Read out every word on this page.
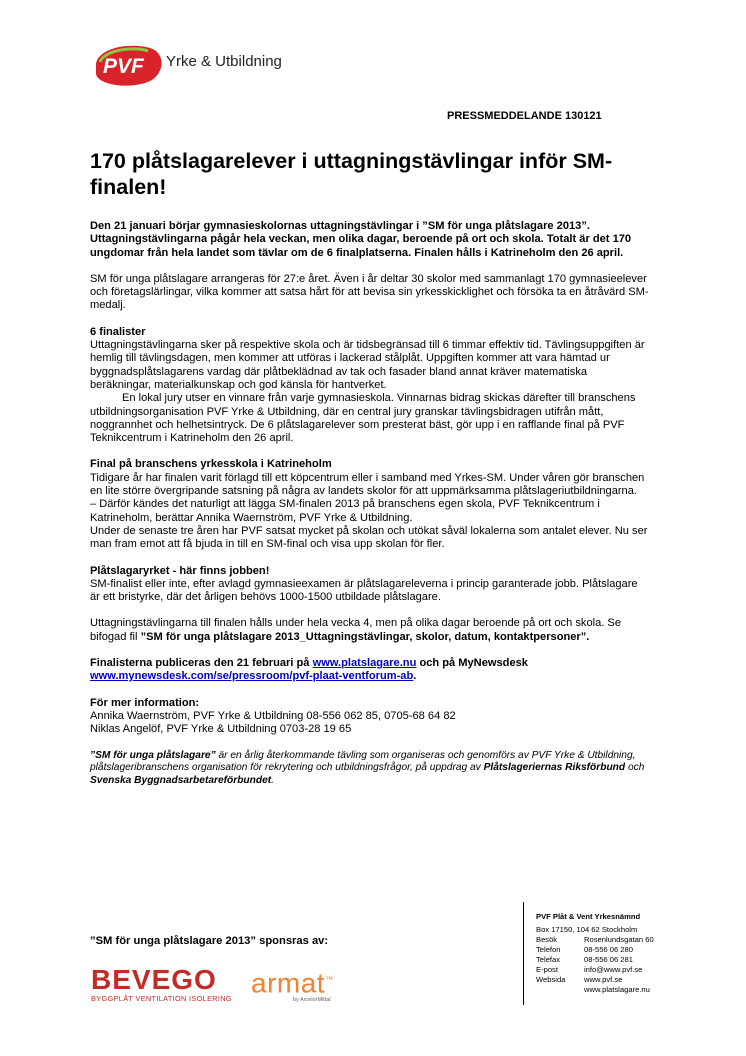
PVF Yrke & Utbildning
PRESSMEDDELANDE 130121
170 plåtslagarelever i uttagningstävlingar inför SM-finalen!

Den 21 januari börjar gymnasieskolornas uttagningstävlingar i ”SM för unga plåtslagare 2013”. Uttagningstävlingarna pågår hela veckan, men olika dagar, beroende på ort och skola. Totalt är det 170 ungdomar från hela landet som tävlar om de 6 finalplatserna. Finalen hålls i Katrineholm den 26 april.

SM för unga plåtslagare arrangeras för 27:e året. Även i år deltar 30 skolor med sammanlagt 170 gymnasieelever och företagslärlingar, vilka kommer att satsa hårt för att bevisa sin yrkesskicklighet och försöka ta en åtråvärd SM-medalj.

6 finalister
Uttagningstävlingarna sker på respektive skola och är tidsbegränsad till 6 timmar effektiv tid. Tävlingsuppgiften är hemlig till tävlingsdagen, men kommer att utföras i lackerad stålplåt. Uppgiften kommer att vara hämtad ur byggnadsplåtslagarens vardag där plåtbeklädnad av tak och fasader bland annat kräver matematiska beräkningar, materialkunskap och god känsla för hantverket.
En lokal jury utser en vinnare från varje gymnasieskola. Vinnarnas bidrag skickas därefter till branschens utbildningsorganisation PVF Yrke & Utbildning, där en central jury granskar tävlingsbidragen utifrån mått, noggrannhet och helhetsintryck. De 6 plåtslagarelever som presterat bäst, gör upp i en rafflande final på PVF Teknikcentrum i Katrineholm den 26 april.

Final på branschens yrkesskola i Katrineholm
Tidigare år har finalen varit förlagd till ett köpcentrum eller i samband med Yrkes-SM. Under våren gör branschen en lite större övergripande satsning på några av landets skolor för att uppmärksamma plåtslageriutbildningarna.
– Därför kändes det naturligt att lägga SM-finalen 2013 på branschens egen skola, PVF Teknikcentrum i Katrineholm, berättar Annika Waernström, PVF Yrke & Utbildning.
Under de senaste tre åren har PVF satsat mycket på skolan och utökat såväl lokalerna som antalet elever. Nu ser man fram emot att få bjuda in till en SM-final och visa upp skolan för fler.

Plåtslagaryrket - här finns jobben!
SM-finalist eller inte, efter avlagd gymnasieexamen är plåtslagareleverna i princip garanterade jobb. Plåtslagare är ett bristyrke, där det årligen behövs 1000-1500 utbildade plåtslagare.

Uttagningstävlingarna till finalen hålls under hela vecka 4, men på olika dagar beroende på ort och skola. Se bifogad fil ”SM för unga plåtslagare 2013_Uttagningstävlingar, skolor, datum, kontaktpersoner”.

Finalisterna publiceras den 21 februari på www.platslagare.nu och på MyNewsdesk
www.mynewsdesk.com/se/pressroom/pvf-plaat-ventforum-ab.

För mer information:
Annika Waernström, PVF Yrke & Utbildning 08-556 062 85, 0705-68 64 82
Niklas Angelöf, PVF Yrke & Utbildning 0703-28 19 65

”SM för unga plåtslagare” är en årlig återkommande tävling som organiseras och genomförs av PVF Yrke & Utbildning, plåtslageribranschens organisation för rekrytering och utbildningsfrågor, på uppdrag av Plåtslageriernas Riksförbund och Svenska Byggnadsarbetareförbundet.

”SM för unga plåtslagare 2013” sponsras av:
BEVEGO
BYGGPLÅT VENTILATION ISOLERING
armat™
by ArcelorMittal
PVF Plåt & Vent Yrkesnämnd
Box 17150, 104 62 Stockholm
Besök	Rosenlundsgatan 60
Telefon	08-556 06 280
Telefax	08-556 06 281
E-post	info@www.pvf.se
Websida	www.pvf.se
www.platslagare.nu
